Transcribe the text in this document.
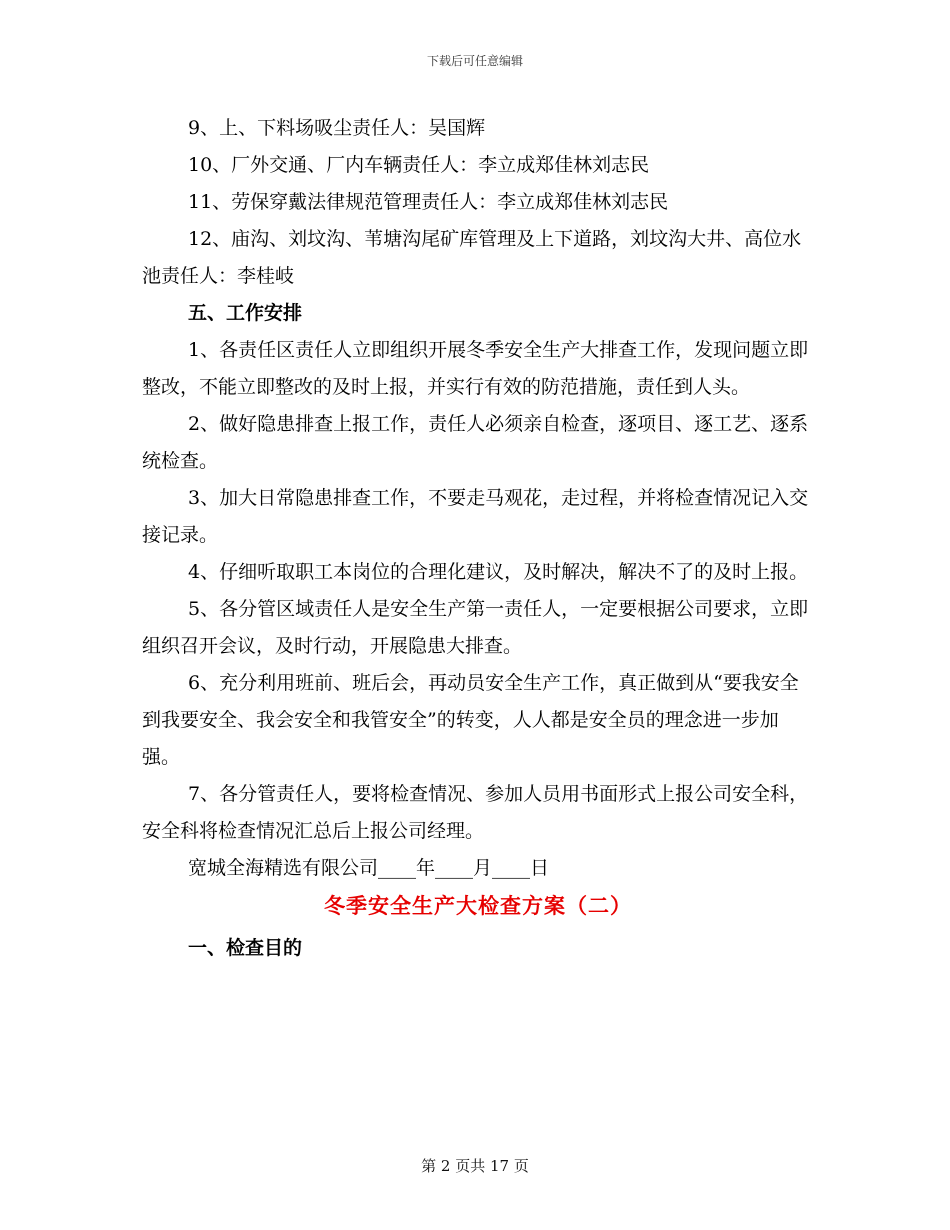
下载后可任意编辑

9、上、下料场吸尘责任人：吴国辉

10、厂外交通、厂内车辆责任人：李立成郑佳林刘志民

11、劳保穿戴法律规范管理责任人：李立成郑佳林刘志民

12、庙沟、刘坟沟、苇塘沟尾矿库管理及上下道路，刘坟沟大井、高位水池责任人：李桂岐

五、工作安排

1、各责任区责任人立即组织开展冬季安全生产大排查工作，发现问题立即整改，不能立即整改的及时上报，并实行有效的防范措施，责任到人头。

2、做好隐患排查上报工作，责任人必须亲自检查，逐项目、逐工艺、逐系统检查。

3、加大日常隐患排查工作，不要走马观花，走过程，并将检查情况记入交接记录。

4、仔细听取职工本岗位的合理化建议，及时解决，解决不了的及时上报。

5、各分管区域责任人是安全生产第一责任人，一定要根据公司要求，立即组织召开会议，及时行动，开展隐患大排查。

6、充分利用班前、班后会，再动员安全生产工作，真正做到从“要我安全到我要安全、我会安全和我管安全”的转变，人人都是安全员的理念进一步加强。

7、各分管责任人，要将检查情况、参加人员用书面形式上报公司安全科，安全科将检查情况汇总后上报公司经理。

宽城全海精选有限公司____年____月____日

冬季安全生产大检查方案（二）

一、检查目的

第 2 页共 17 页
